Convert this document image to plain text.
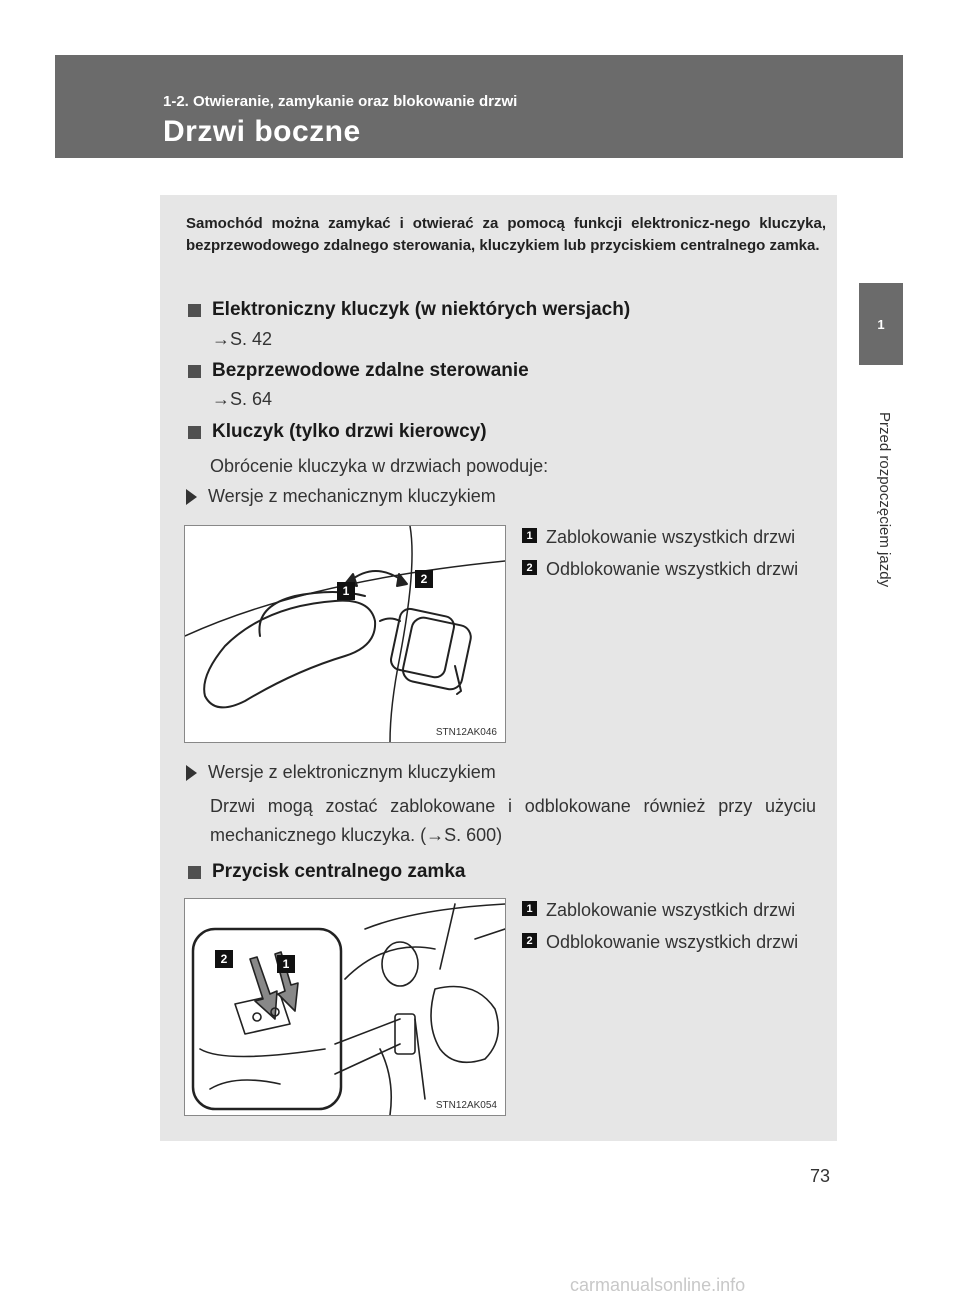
1-2. Otwieranie, zamykanie oraz blokowanie drzwi
Drzwi boczne
1
Przed rozpoczęciem jazdy
Samochód można zamykać i otwierać za pomocą funkcji elektronicz-nego kluczyka, bezprzewodowego zdalnego sterowania, kluczykiem lub przyciskiem centralnego zamka.
Elektroniczny kluczyk (w niektórych wersjach)
→S. 42
Bezprzewodowe zdalne sterowanie
→S. 64
Kluczyk (tylko drzwi kierowcy)
Obrócenie kluczyka w drzwiach powoduje:
Wersje z mechanicznym kluczykiem
1
2
STN12AK046
1 Zablokowanie wszystkich drzwi
2 Odblokowanie wszystkich drzwi
Wersje z elektronicznym kluczykiem
Drzwi mogą zostać zablokowane i odblokowane również przy użyciu mechanicznego kluczyka. (→S. 600)
Przycisk centralnego zamka
2	1
STN12AK054
1 Zablokowanie wszystkich drzwi
2 Odblokowanie wszystkich drzwi
73
carmanualsonline.info
